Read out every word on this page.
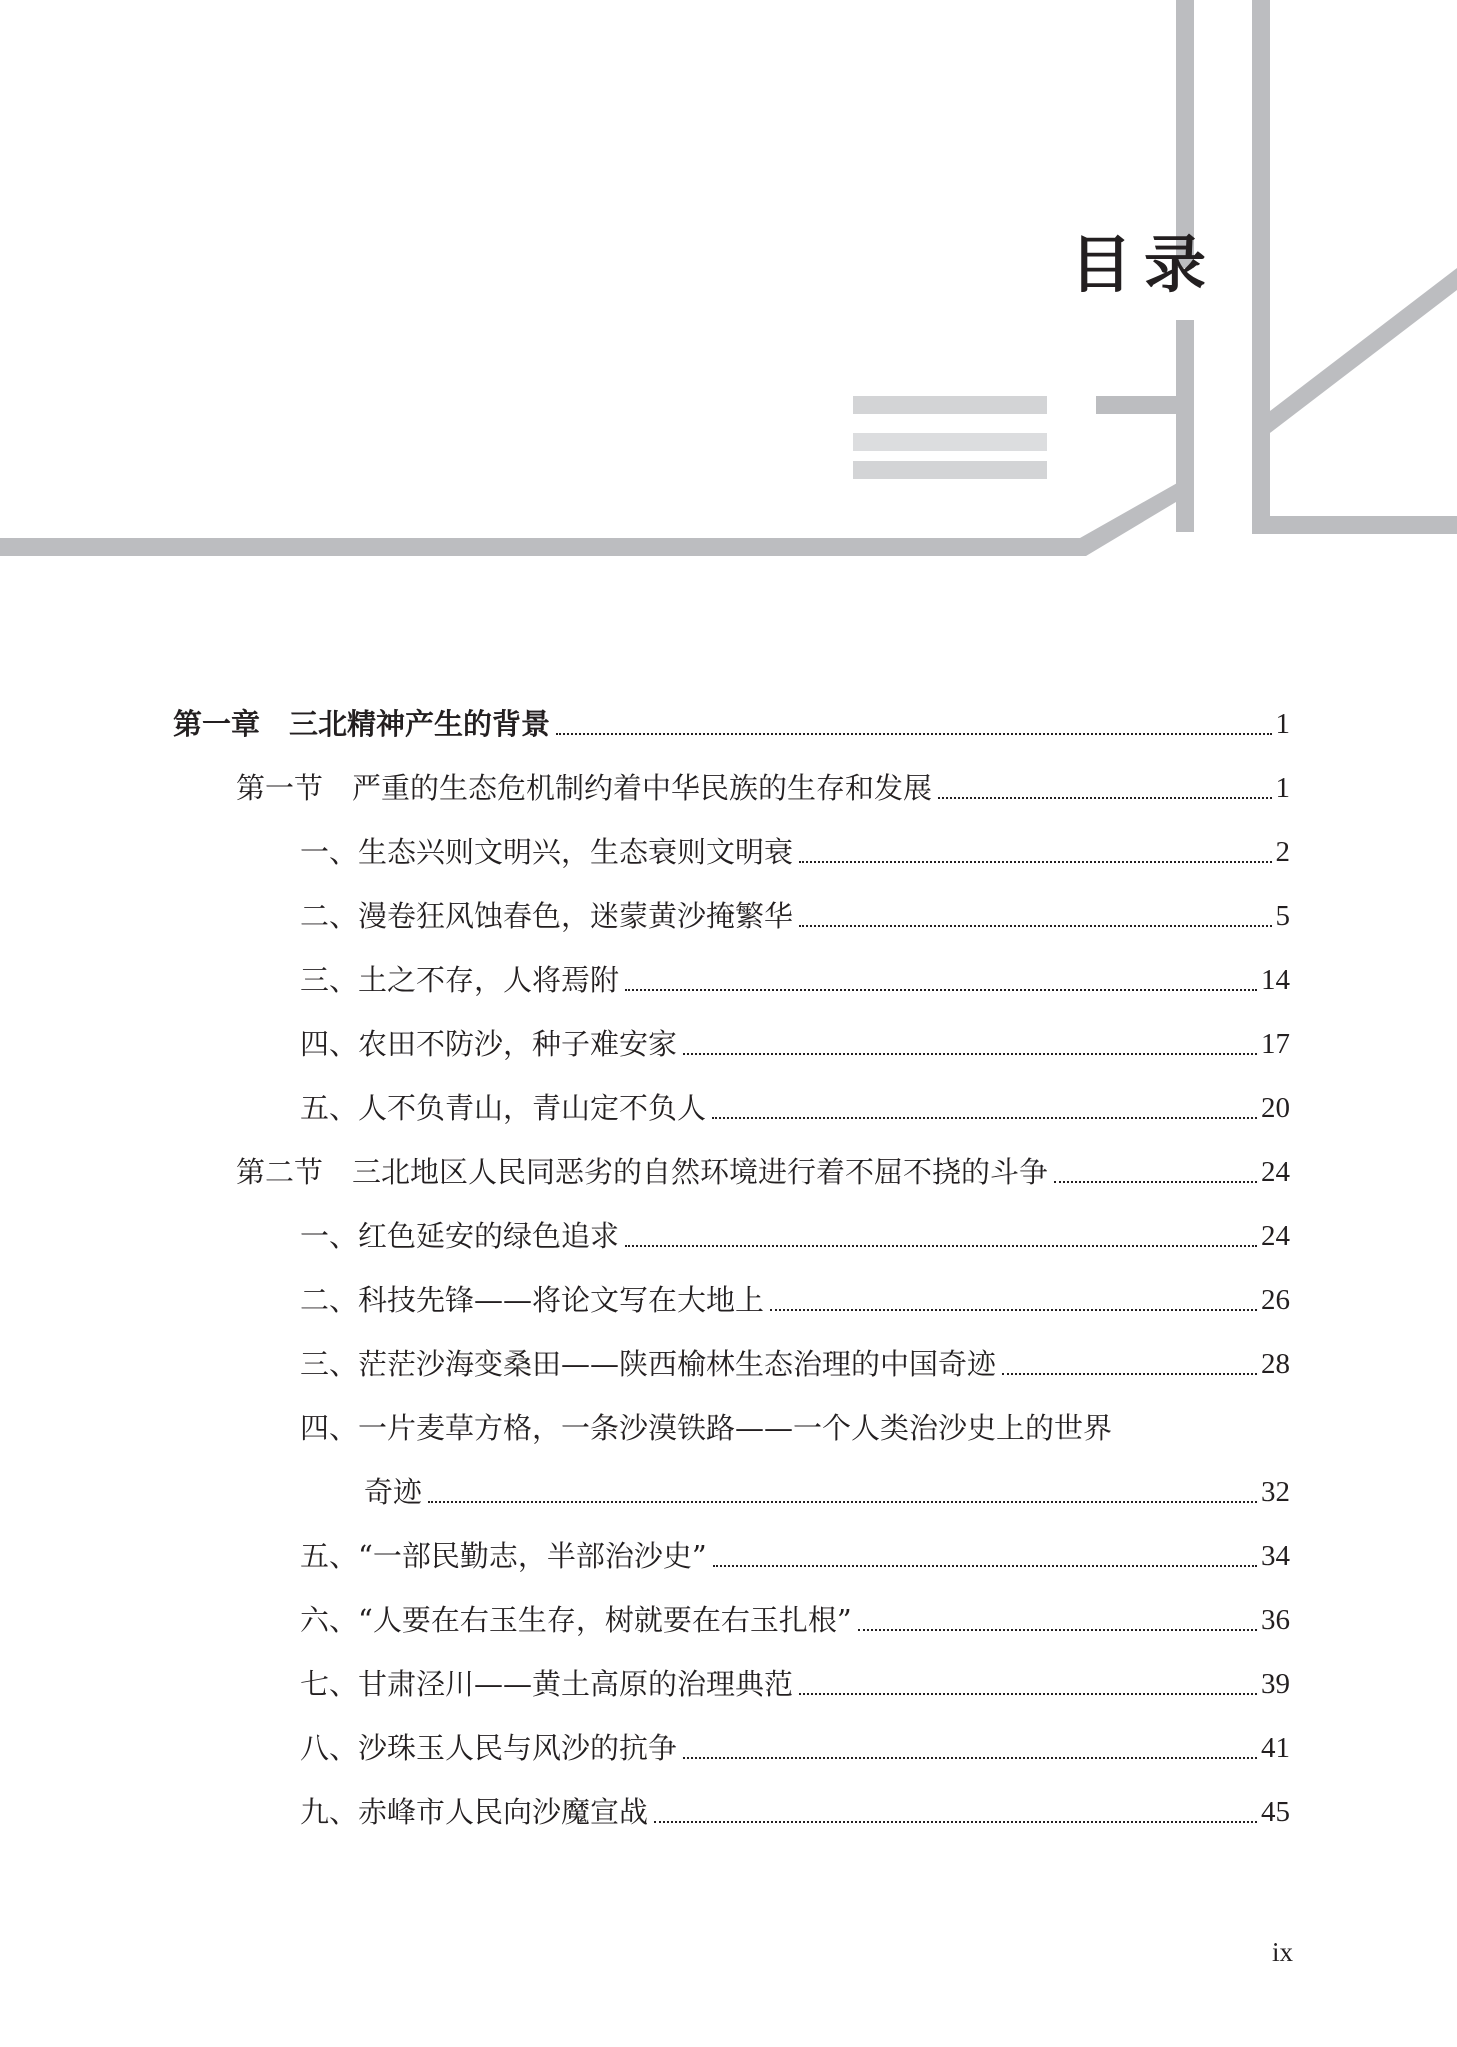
目录
第一章　三北精神产生的背景	1
第一节　严重的生态危机制约着中华民族的生存和发展	1
一、生态兴则文明兴，生态衰则文明衰	2
二、漫卷狂风蚀春色，迷蒙黄沙掩繁华	5
三、土之不存，人将焉附	14
四、农田不防沙，种子难安家	17
五、人不负青山，青山定不负人	20
第二节　三北地区人民同恶劣的自然环境进行着不屈不挠的斗争	24
一、红色延安的绿色追求	24
二、科技先锋——将论文写在大地上	26
三、茫茫沙海变桑田——陕西榆林生态治理的中国奇迹	28
四、一片麦草方格，一条沙漠铁路——一个人类治沙史上的世界
奇迹	32
五、“一部民勤志，半部治沙史”	34
六、“人要在右玉生存，树就要在右玉扎根”	36
七、甘肃泾川——黄土高原的治理典范	39
八、沙珠玉人民与风沙的抗争	41
九、赤峰市人民向沙魔宣战	45
ix
